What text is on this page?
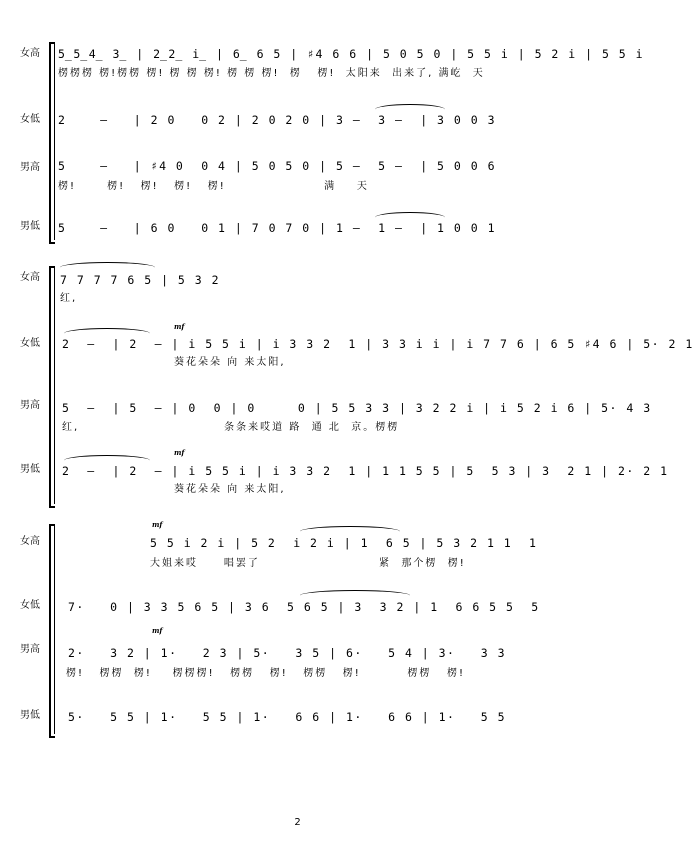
女高	5̲5̲4̲ 3̲ | 2̲2̲ i̲ | 6̲ 6 5 | ♯4 6 6 | 5 0 5 0 | 5 5 i | 5 2 i | 5 5 i
楞楞楞 楞!楞楞 楞! 楞 楞 楞! 楞 楞 楞!  楞   楞!  太阳来  出来了, 满屹  天
女低	2    —   | 2 0   0 2 | 2 0 2 0 | 3 —  3 —  | 3 0 0 3
男高	5    —   | ♯4 0  0 4 | 5 0 5 0 | 5 —  5 —  | 5 0 0 6
楞!      楞!   楞!   楞!   楞!                   满    天
男低	5    —   | 6 0   0 1 | 7 0 7 0 | 1 —  1 —  | 1 0 0 1
女高	7 7 7 7 6 5 | 5 3 2
红,
女低
mf
2  —  | 2  — | i 5 5 i | i 3 3 2  1 | 3 3 i i | i 7 7 6 | 6 5 ♯4 6 | 5· 2 1
葵花朵朵 向 来太阳,
男高	5  —  | 5  — | 0  0 | 0     0 | 5 5 3 3 | 3 2 2 i | i 5 2 i 6 | 5· 4 3
红,                            条条来哎道 路  通 北  京。楞楞
男低
mf
2  —  | 2  — | i 5 5 i | i 3 3 2  1 | 1 1 5 5 | 5  5 3 | 3  2 1 | 2· 2 1
葵花朵朵 向 来太阳,
女高
mf
5 5 i 2 i | 5 2  i 2 i | 1  6 5 | 5 3 2 1 1  1
大姐来哎     唱罢了                       紧  那个楞  楞!
女低	7·   0 | 3 3 5 6 5 | 3 6  5 6 5 | 3  3 2 | 1  6 6 5 5  5
男高
mf
2·   3 2 | 1·   2 3 | 5·   3 5 | 6·   5 4 | 3·   3 3
楞!   楞楞  楞!    楞楞楞!   楞楞   楞!   楞楞   楞!         楞楞   楞!
男低	5·   5 5 | 1·   5 5 | 1·   6 6 | 1·   6 6 | 1·   5 5
2
